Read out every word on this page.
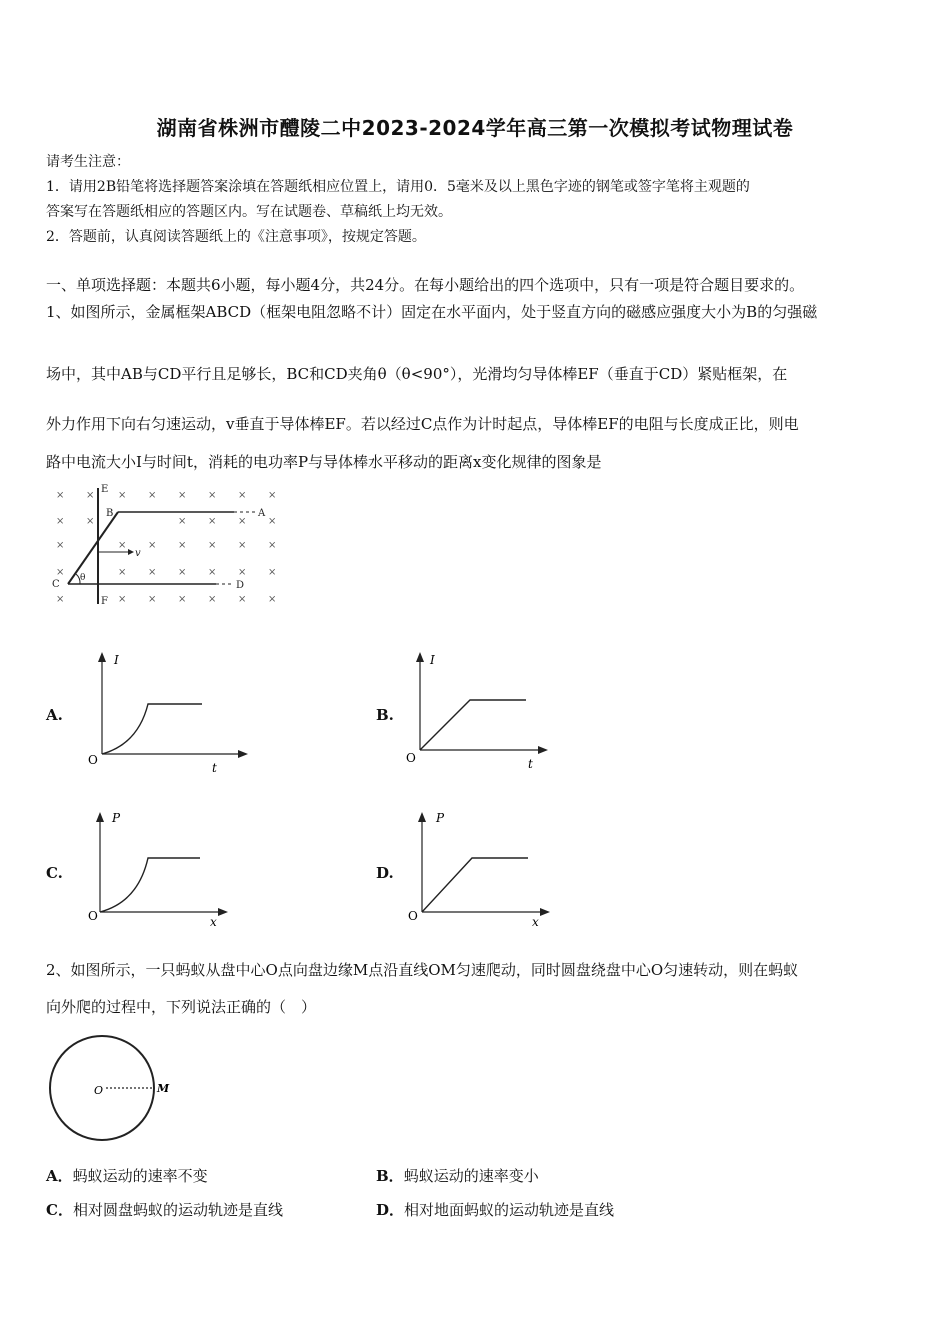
湖南省株洲市醴陵二中2023-2024学年高三第一次模拟考试物理试卷
请考生注意：
1．请用2B铅笔将选择题答案涂填在答题纸相应位置上，请用0．5毫米及以上黑色字迹的钢笔或签字笔将主观题的
答案写在答题纸相应的答题区内。写在试题卷、草稿纸上均无效。
2．答题前，认真阅读答题纸上的《注意事项》，按规定答题。
一、单项选择题：本题共6小题，每小题4分，共24分。在每小题给出的四个选项中，只有一项是符合题目要求的。
1、如图所示，金属框架ABCD（框架电阻忽略不计）固定在水平面内，处于竖直方向的磁感应强度大小为B的匀强磁
场中，其中AB与CD平行且足够长，BC和CD夹角θ（θ<90°），光滑均匀导体棒EF（垂直于CD）紧贴框架，在
外力作用下向右匀速运动，v垂直于导体棒EF。若以经过C点作为计时起点，导体棒EF的电阻与长度成正比，则电
路中电流大小I与时间t，消耗的电功率P与导体棒水平移动的距离x变化规律的图象是
× × × × × × × ×
× ×	× × × ×
×	× × × × × ×
×	× × × × × ×
×	× × × × × ×
E
B	A
C	D
F
v
θ
A.
I
O
t
B.
I
O	t
C.
P
O	x
D.
P
O	x
2、如图所示，一只蚂蚁从盘中心O点向盘边缘M点沿直线OM匀速爬动，同时圆盘绕盘中心O匀速转动，则在蚂蚁
向外爬的过程中，下列说法正确的（　）
O	M
A．蚂蚁运动的速率不变	B．蚂蚁运动的速率变小
C．相对圆盘蚂蚁的运动轨迹是直线	D．相对地面蚂蚁的运动轨迹是直线
